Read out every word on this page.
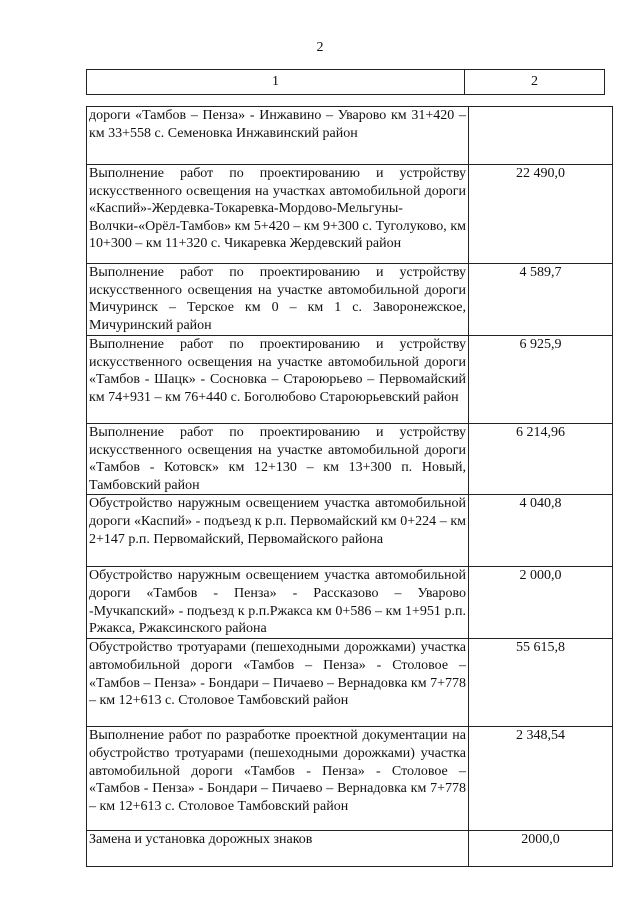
2
1	2
дороги «Тамбов – Пенза» - Инжавино – Уварово км 31+420 – км 33+558 с. Семеновка Инжавинский район	
Выполнение работ по проектированию и устройству искусственного освещения на участках автомобильной дороги «Каспий»-Жердевка-Токаревка-Мордово-Мельгуны-Волчки-«Орёл-Тамбов» км 5+420 – км 9+300 с. Туголуково, км 10+300 – км 11+320 с. Чикаревка Жердевский район	22 490,0
Выполнение работ по проектированию и устройству искусственного освещения на участке автомобильной дороги Мичуринск – Терское км 0 – км 1 с. Заворонежское, Мичуринский район	4 589,7
Выполнение работ по проектированию и устройству искусственного освещения на участке автомобильной дороги «Тамбов - Шацк» - Сосновка – Староюрьево – Первомайский км 74+931 – км 76+440 с. Боголюбово Староюрьевский район	6 925,9
Выполнение работ по проектированию и устройству искусственного освещения на участке автомобильной дороги «Тамбов - Котовск» км 12+130 – км 13+300 п. Новый, Тамбовский район	6 214,96
Обустройство наружным освещением участка автомобильной дороги «Каспий» - подъезд к р.п. Первомайский км 0+224 – км 2+147 р.п. Первомайский, Первомайского района	4 040,8
Обустройство наружным освещением участка автомобильной дороги «Тамбов - Пенза» - Рассказово – Уварово -Мучкапский» - подъезд к р.п.Ржакса км 0+586 – км 1+951 р.п. Ржакса, Ржаксинского района	2 000,0
Обустройство тротуарами (пешеходными дорожками) участка автомобильной дороги «Тамбов – Пенза» - Столовое – «Тамбов – Пенза» - Бондари – Пичаево – Вернадовка км 7+778 – км 12+613 с. Столовое Тамбовский район	55 615,8
Выполнение работ по разработке проектной документации на обустройство тротуарами (пешеходными дорожками) участка автомобильной дороги «Тамбов - Пенза» - Столовое – «Тамбов - Пенза» - Бондари – Пичаево – Вернадовка км 7+778 – км 12+613 с. Столовое Тамбовский район	2 348,54
Замена и установка дорожных знаков	2000,0
